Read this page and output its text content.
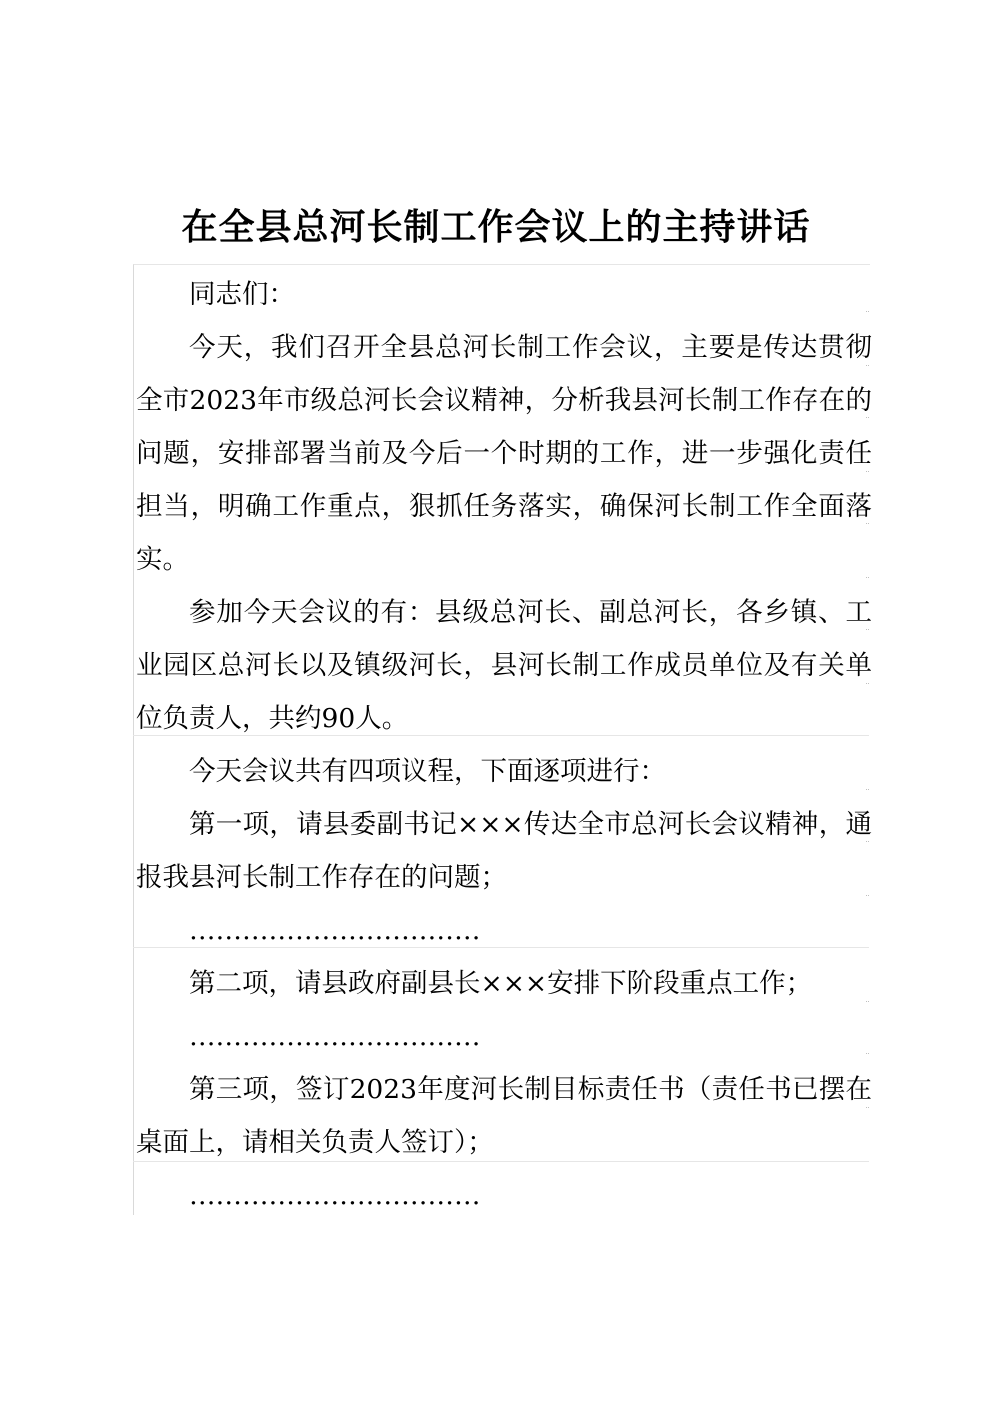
在全县总河长制工作会议上的主持讲话

同志们：

今天，我们召开全县总河长制工作会议，主要是传达贯彻全市2023年市级总河长会议精神，分析我县河长制工作存在的问题，安排部署当前及今后一个时期的工作，进一步强化责任担当，明确工作重点，狠抓任务落实，确保河长制工作全面落实。

参加今天会议的有：县级总河长、副总河长，各乡镇、工业园区总河长以及镇级河长，县河长制工作成员单位及有关单位负责人，共约90人。

今天会议共有四项议程，下面逐项进行：

第一项，请县委副书记×××传达全市总河长会议精神，通报我县河长制工作存在的问题；

……………………………

第二项，请县政府副县长×××安排下阶段重点工作；

……………………………

第三项，签订2023年度河长制目标责任书（责任书已摆在桌面上，请相关负责人签订）；

……………………………
